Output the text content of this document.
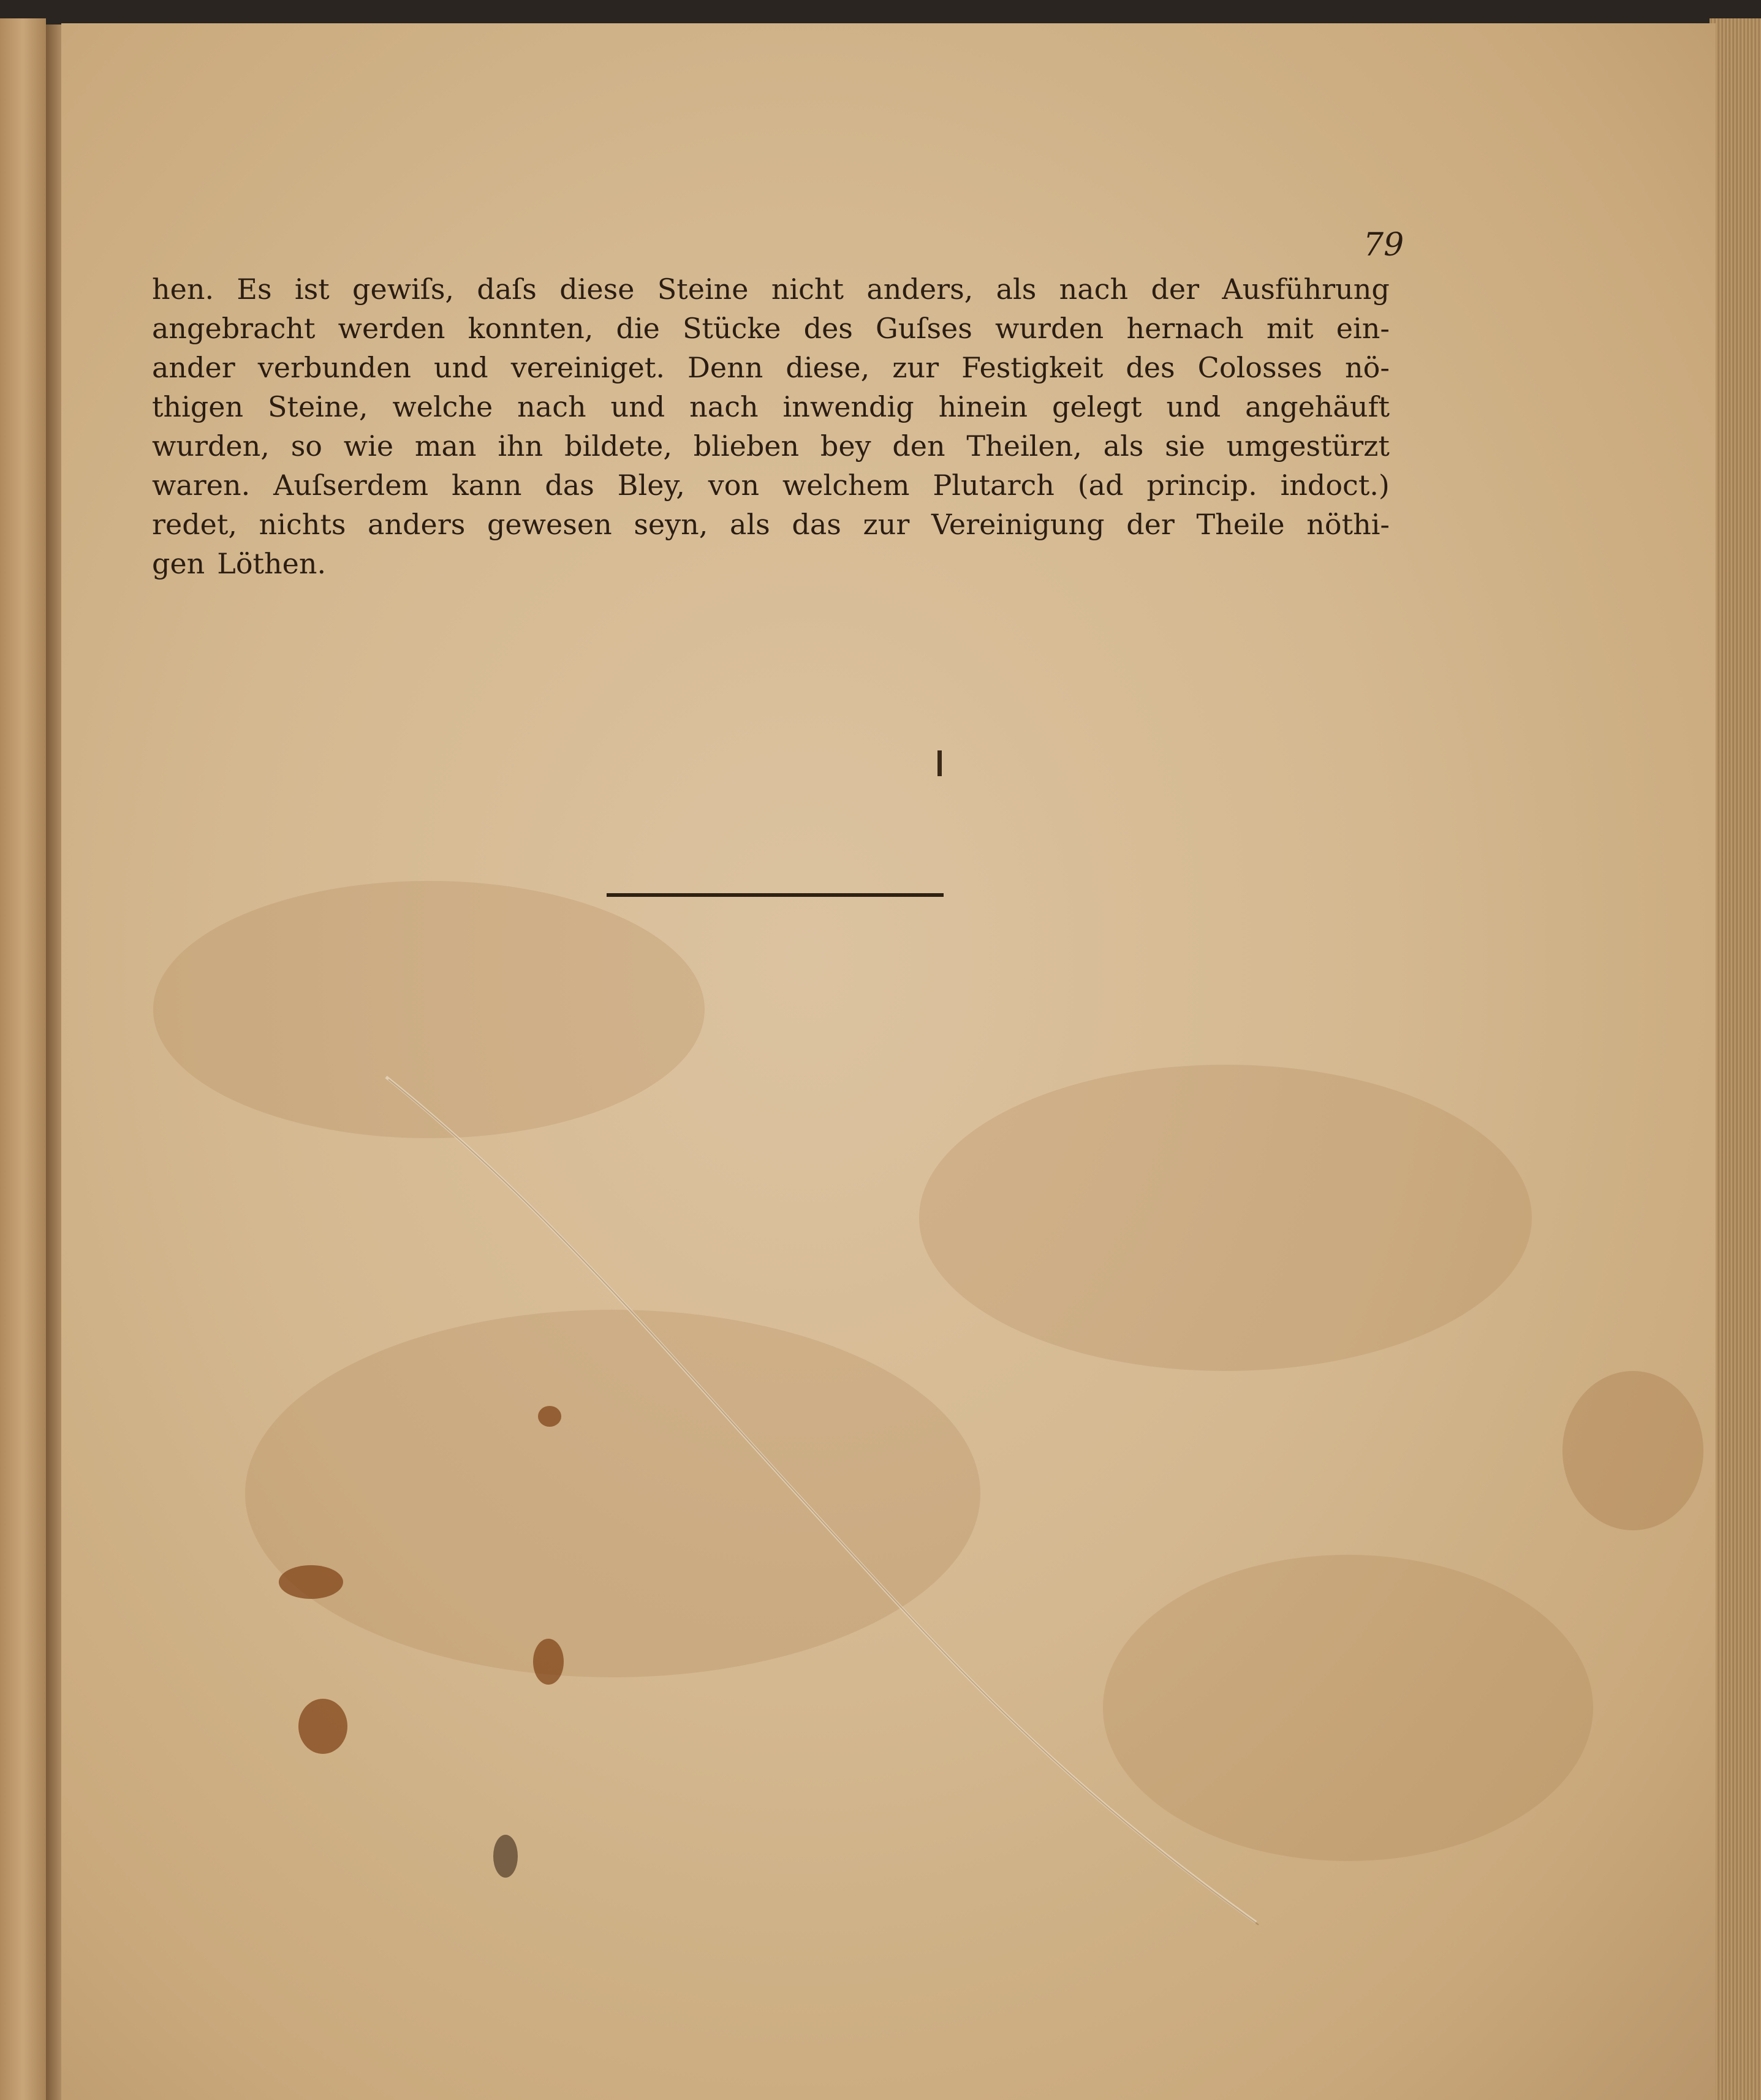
79
hen. Es ist gewiſs, daſs diese Steine nicht anders, als nach der Ausführung
angebracht werden konnten, die Stücke des Guſses wurden hernach mit ein-
ander verbunden und vereiniget. Denn diese, zur Festigkeit des Colosses nö-
thigen Steine, welche nach und nach inwendig hinein gelegt und angehäuft
wurden, so wie man ihn bildete, blieben bey den Theilen, als sie umgestürzt
waren. Auſserdem kann das Bley, von welchem Plutarch (ad princip. indoct.)
redet, nichts anders gewesen seyn, als das zur Vereinigung der Theile nöthi-
gen Löthen.
